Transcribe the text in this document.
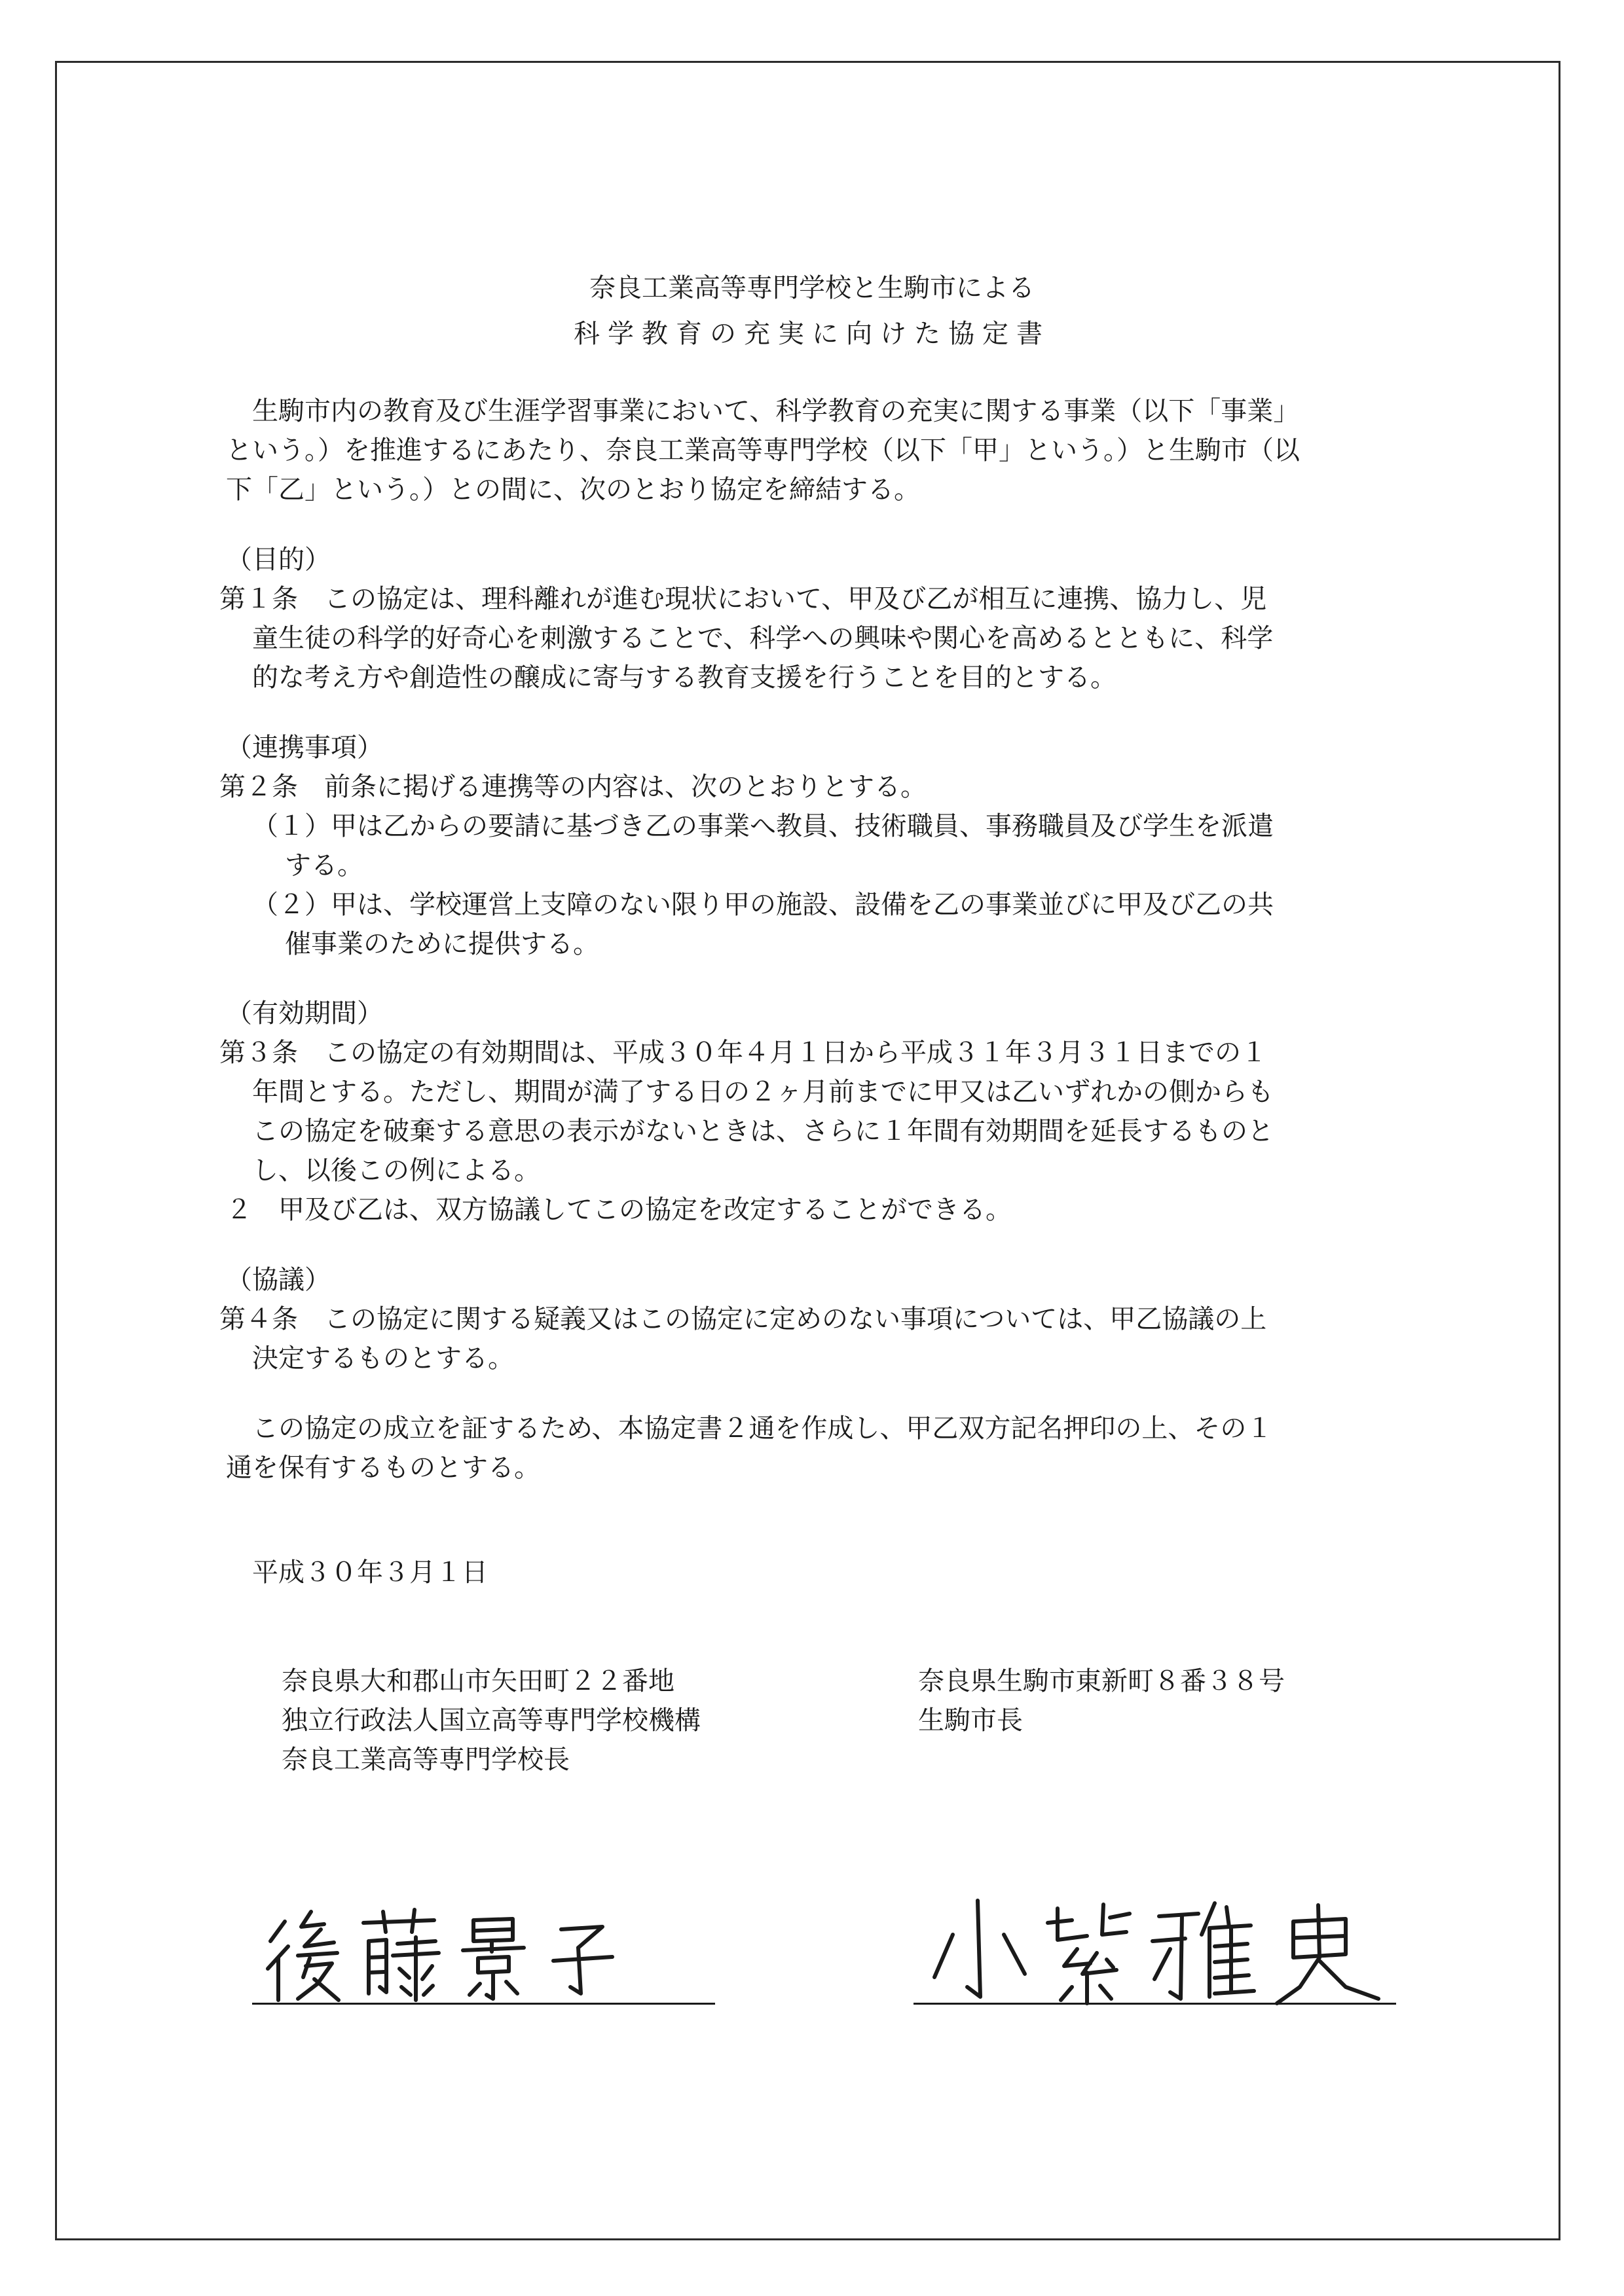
奈良工業高等専門学校と生駒市による
科学教育の充実に向けた協定書
生駒市内の教育及び生涯学習事業において、科学教育の充実に関する事業（以下「事業」
という。）を推進するにあたり、奈良工業高等専門学校（以下「甲」という。）と生駒市（以
下「乙」という。）との間に、次のとおり協定を締結する。
（目的）
第１条　この協定は、理科離れが進む現状において、甲及び乙が相互に連携、協力し、児
童生徒の科学的好奇心を刺激することで、科学への興味や関心を高めるとともに、科学
的な考え方や創造性の醸成に寄与する教育支援を行うことを目的とする。
（連携事項）
第２条　前条に掲げる連携等の内容は、次のとおりとする。
（１）甲は乙からの要請に基づき乙の事業へ教員、技術職員、事務職員及び学生を派遣
する。
（２）甲は、学校運営上支障のない限り甲の施設、設備を乙の事業並びに甲及び乙の共
催事業のために提供する。
（有効期間）
第３条　この協定の有効期間は、平成３０年４月１日から平成３１年３月３１日までの１
年間とする。ただし、期間が満了する日の２ヶ月前までに甲又は乙いずれかの側からも
この協定を破棄する意思の表示がないときは、さらに１年間有効期間を延長するものと
し、以後この例による。
２　甲及び乙は、双方協議してこの協定を改定することができる。
（協議）
第４条　この協定に関する疑義又はこの協定に定めのない事項については、甲乙協議の上
決定するものとする。
この協定の成立を証するため、本協定書２通を作成し、甲乙双方記名押印の上、その１
通を保有するものとする。
平成３０年３月１日
奈良県大和郡山市矢田町２２番地
独立行政法人国立高等専門学校機構
奈良工業高等専門学校長
奈良県生駒市東新町８番３８号
生駒市長
